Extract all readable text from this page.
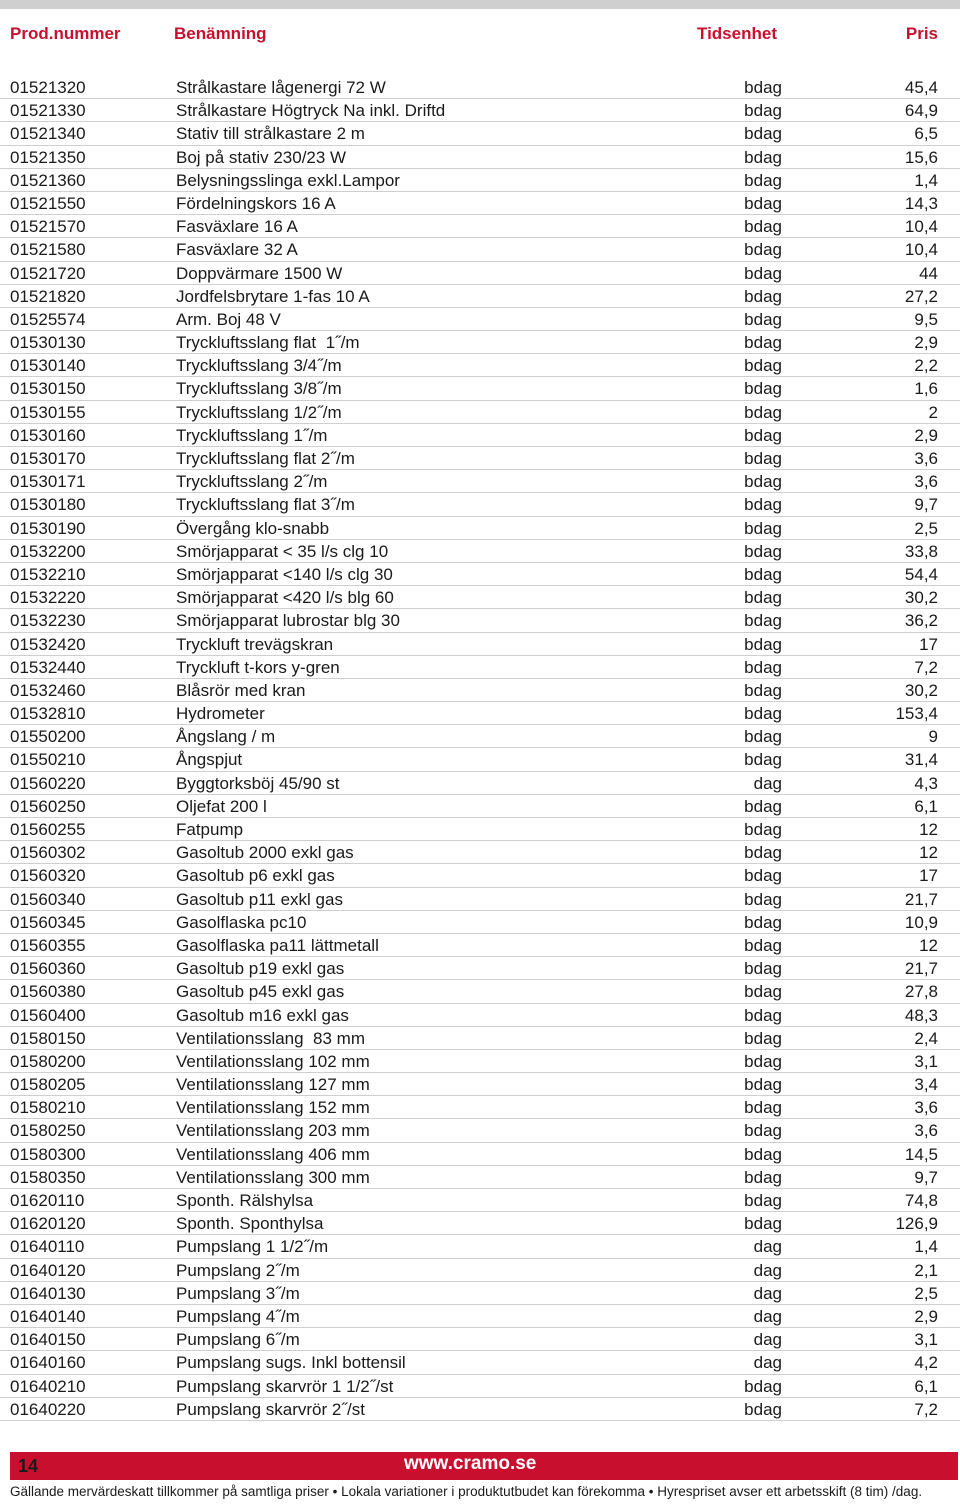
Prod.nummer	Benämning	Tidsenhet	Pris
01521320	Strålkastare lågenergi 72 W	bdag	45,4
01521330	Strålkastare Högtryck Na inkl. Driftd	bdag	64,9
01521340	Stativ till strålkastare 2 m	bdag	6,5
01521350	Boj på stativ 230/23 W	bdag	15,6
01521360	Belysningsslinga exkl.Lampor	bdag	1,4
01521550	Fördelningskors 16 A	bdag	14,3
01521570	Fasväxlare 16 A	bdag	10,4
01521580	Fasväxlare 32 A	bdag	10,4
01521720	Doppvärmare 1500 W	bdag	44
01521820	Jordfelsbrytare 1-fas 10 A	bdag	27,2
01525574	Arm. Boj 48 V	bdag	9,5
01530130	Tryckluftsslang flat  1˝/m	bdag	2,9
01530140	Tryckluftsslang 3/4˝/m	bdag	2,2
01530150	Tryckluftsslang 3/8˝/m	bdag	1,6
01530155	Tryckluftsslang 1/2˝/m	bdag	2
01530160	Tryckluftsslang 1˝/m	bdag	2,9
01530170	Tryckluftsslang flat 2˝/m	bdag	3,6
01530171	Tryckluftsslang 2˝/m	bdag	3,6
01530180	Tryckluftsslang flat 3˝/m	bdag	9,7
01530190	Övergång klo-snabb	bdag	2,5
01532200	Smörjapparat < 35 l/s clg 10	bdag	33,8
01532210	Smörjapparat <140 l/s clg 30	bdag	54,4
01532220	Smörjapparat <420 l/s blg 60	bdag	30,2
01532230	Smörjapparat lubrostar blg 30	bdag	36,2
01532420	Tryckluft trevägskran	bdag	17
01532440	Tryckluft t-kors y-gren	bdag	7,2
01532460	Blåsrör med kran	bdag	30,2
01532810	Hydrometer	bdag	153,4
01550200	Ångslang / m	bdag	9
01550210	Ångspjut	bdag	31,4
01560220	Byggtorksböj 45/90 st	dag	4,3
01560250	Oljefat 200 l	bdag	6,1
01560255	Fatpump	bdag	12
01560302	Gasoltub 2000 exkl gas	bdag	12
01560320	Gasoltub p6 exkl gas	bdag	17
01560340	Gasoltub p11 exkl gas	bdag	21,7
01560345	Gasolflaska pc10	bdag	10,9
01560355	Gasolflaska pa11 lättmetall	bdag	12
01560360	Gasoltub p19 exkl gas	bdag	21,7
01560380	Gasoltub p45 exkl gas	bdag	27,8
01560400	Gasoltub m16 exkl gas	bdag	48,3
01580150	Ventilationsslang  83 mm	bdag	2,4
01580200	Ventilationsslang 102 mm	bdag	3,1
01580205	Ventilationsslang 127 mm	bdag	3,4
01580210	Ventilationsslang 152 mm	bdag	3,6
01580250	Ventilationsslang 203 mm	bdag	3,6
01580300	Ventilationsslang 406 mm	bdag	14,5
01580350	Ventilationsslang 300 mm	bdag	9,7
01620110	Sponth. Rälshylsa	bdag	74,8
01620120	Sponth. Sponthylsa	bdag	126,9
01640110	Pumpslang 1 1/2˝/m	dag	1,4
01640120	Pumpslang 2˝/m	dag	2,1
01640130	Pumpslang 3˝/m	dag	2,5
01640140	Pumpslang 4˝/m	dag	2,9
01640150	Pumpslang 6˝/m	dag	3,1
01640160	Pumpslang sugs. Inkl bottensil	dag	4,2
01640210	Pumpslang skarvrör 1 1/2˝/st	bdag	6,1
01640220	Pumpslang skarvrör 2˝/st	bdag	7,2
14	www.cramo.se
Gällande mervärdeskatt tillkommer på samtliga priser • Lokala variationer i produktutbudet kan förekomma • Hyrespriset avser ett arbetsskift (8 tim) /dag.
